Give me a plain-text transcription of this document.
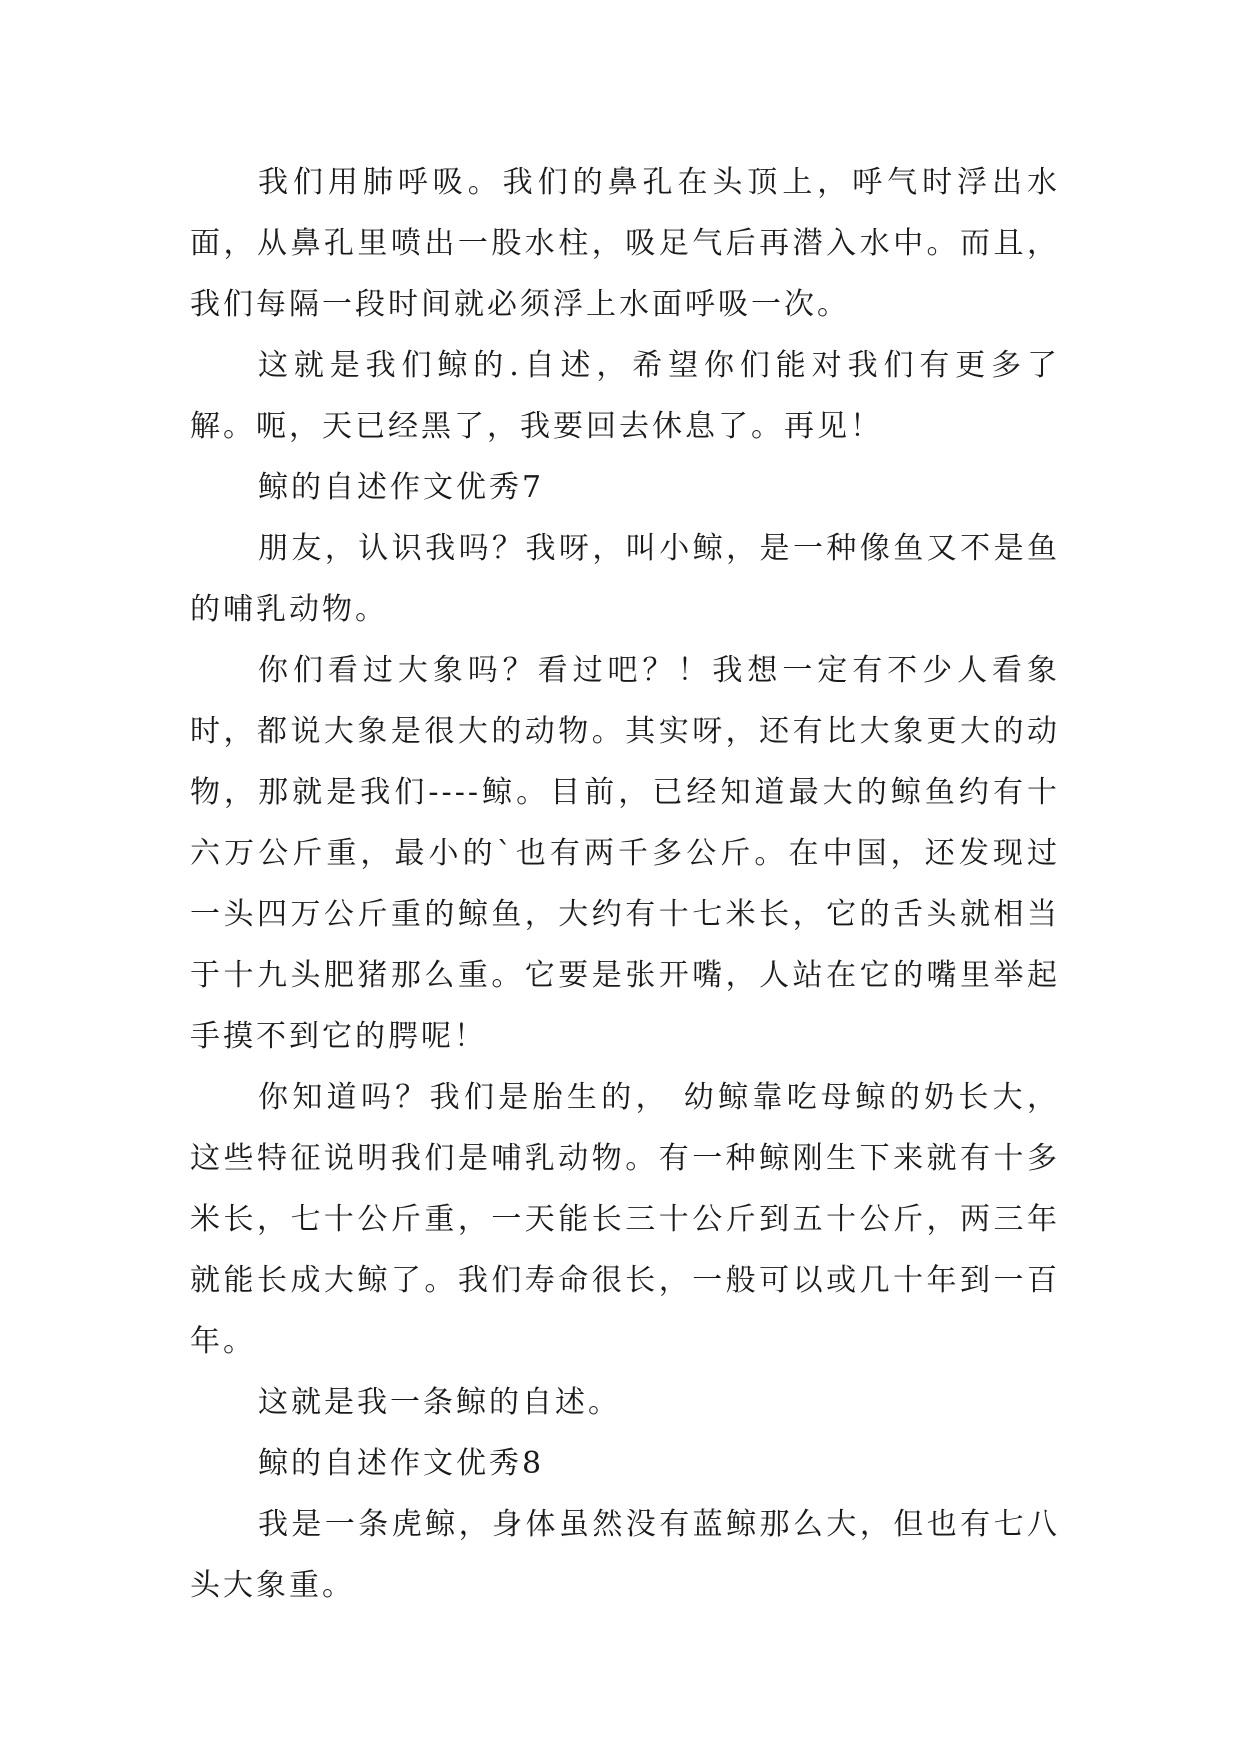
我们用肺呼吸。我们的鼻孔在头顶上，呼气时浮出水面，从鼻孔里喷出一股水柱，吸足气后再潜入水中。而且，我们每隔一段时间就必须浮上水面呼吸一次。

这就是我们鲸的.自述，希望你们能对我们有更多了解。呃，天已经黑了，我要回去休息了。再见！

鲸的自述作文优秀7

朋友，认识我吗？我呀，叫小鲸，是一种像鱼又不是鱼的哺乳动物。

你们看过大象吗？看过吧？！我想一定有不少人看象时，都说大象是很大的动物。其实呀，还有比大象更大的动物，那就是我们----鲸。目前，已经知道最大的鲸鱼约有十六万公斤重，最小的`也有两千多公斤。在中国，还发现过一头四万公斤重的鲸鱼，大约有十七米长，它的舌头就相当于十九头肥猪那么重。它要是张开嘴，人站在它的嘴里举起手摸不到它的腭呢！

你知道吗？我们是胎生的， 幼鲸靠吃母鲸的奶长大，这些特征说明我们是哺乳动物。有一种鲸刚生下来就有十多米长，七十公斤重，一天能长三十公斤到五十公斤，两三年就能长成大鲸了。我们寿命很长，一般可以或几十年到一百年。

这就是我一条鲸的自述。

鲸的自述作文优秀8

我是一条虎鲸，身体虽然没有蓝鲸那么大，但也有七八头大象重。
